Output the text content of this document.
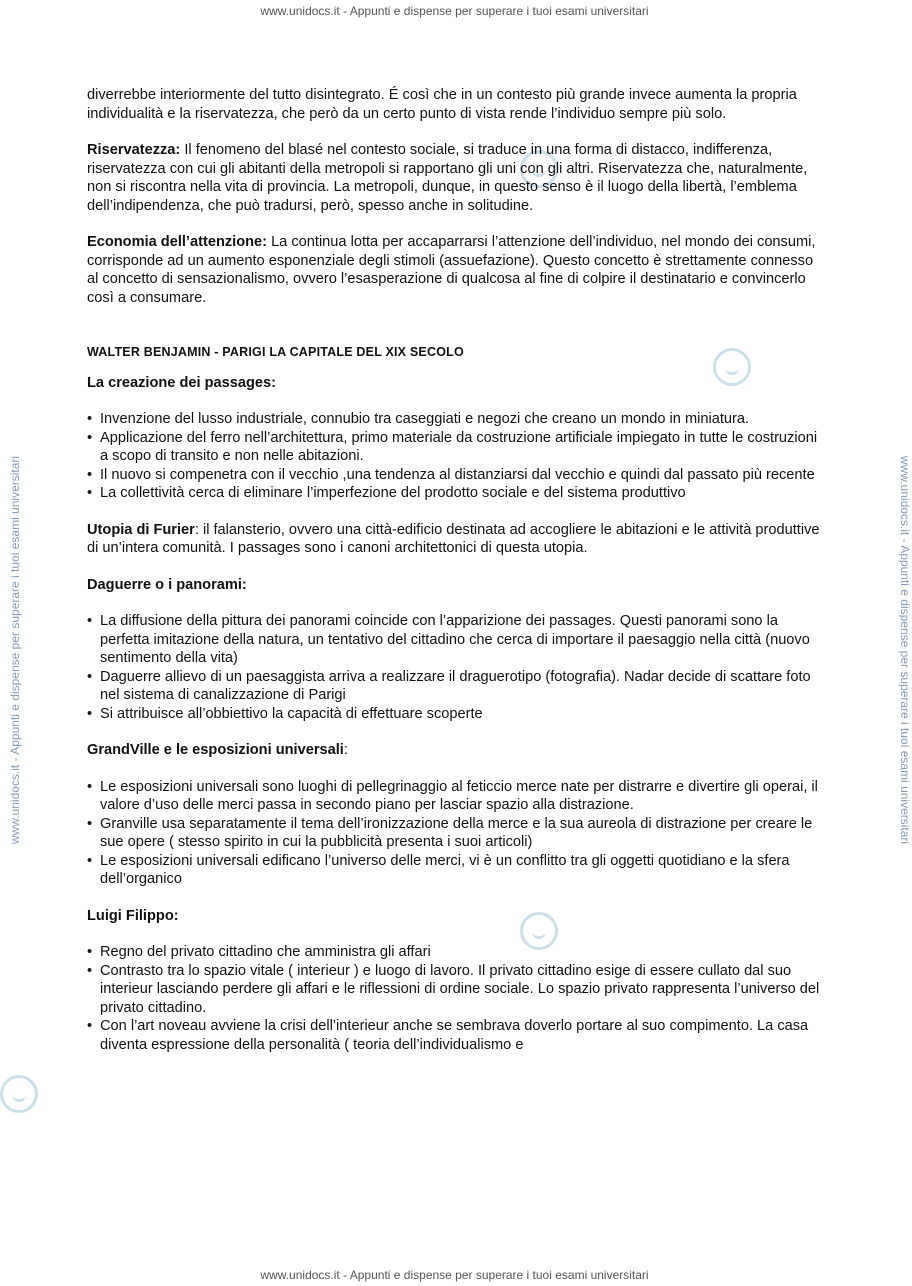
www.unidocs.it - Appunti e dispense per superare i tuoi esami universitari
www.unidocs.it - Appunti e dispense per superare i tuoi esami universitari	www.unidocs.it - Appunti e dispense per superare i tuoi esami universitari

diverrebbe interiormente del tutto disintegrato. É così che in un contesto più grande invece aumenta la propria individualità e la riservatezza, che però da un certo punto di vista rende l’individuo sempre più solo.

Riservatezza: Il fenomeno del blasé nel contesto sociale, si traduce in una forma di distacco, indifferenza, riservatezza con cui gli abitanti della metropoli si rapportano gli uni con gli altri. Riservatezza che, naturalmente, non si riscontra nella vita di provincia. La metropoli, dunque, in questo senso è il luogo della libertà, l’emblema dell’indipendenza, che può tradursi, però, spesso anche in solitudine.

Economia dell’attenzione: La continua lotta per accaparrarsi l’attenzione dell’individuo, nel mondo dei consumi, corrisponde ad un aumento esponenziale degli stimoli (assuefazione). Questo concetto è strettamente connesso al concetto di sensazionalismo, ovvero l’esasperazione di qualcosa al fine di colpire il destinatario e convincerlo così a consumare.

WALTER BENJAMIN - PARIGI LA CAPITALE DEL XIX SECOLO

La creazione dei passages:

• Invenzione del lusso industriale, connubio tra caseggiati e negozi che creano un mondo in miniatura.
• Applicazione del ferro nell’architettura, primo materiale da costruzione artificiale impiegato in tutte le costruzioni a scopo di transito e non nelle abitazioni.
• Il nuovo si compenetra con il vecchio ,una tendenza al distanziarsi dal vecchio e quindi dal passato più recente
• La collettività cerca di eliminare l’imperfezione del prodotto sociale e del sistema produttivo

Utopia di Furier: il falansterio, ovvero una città-edificio destinata ad accogliere le abitazioni e le attività produttive di un’intera comunità. I passages sono i canoni architettonici di questa utopia.

Daguerre o i panorami:

• La diffusione della pittura dei panorami coincide con l’apparizione dei passages. Questi panorami sono la perfetta imitazione della natura, un tentativo del cittadino che cerca di importare il paesaggio nella città (nuovo sentimento della vita)
• Daguerre allievo di un paesaggista arriva a realizzare il draguerotipo (fotografia). Nadar decide di scattare foto nel sistema di canalizzazione di Parigi
• Si attribuisce all’obbiettivo la capacità di effettuare scoperte

GrandVille e le esposizioni universali:

• Le esposizioni universali sono luoghi di pellegrinaggio al feticcio merce nate per distrarre e divertire gli operai, il valore d’uso delle merci passa in secondo piano per lasciar spazio alla distrazione.
• Granville usa separatamente il tema dell’ironizzazione della merce e la sua aureola di distrazione per creare le sue opere ( stesso spirito in cui la pubblicità presenta i suoi articoli)
• Le esposizioni universali edificano l’universo delle merci, vi è un conflitto tra gli oggetti quotidiano e la sfera dell’organico

Luigi Filippo:

• Regno del privato cittadino che amministra gli affari
• Contrasto tra lo spazio vitale ( interieur ) e luogo di lavoro. Il privato cittadino esige di essere cullato dal suo interieur lasciando perdere gli affari e le riflessioni di ordine sociale. Lo spazio privato rappresenta l’universo del privato cittadino.
• Con l’art noveau avviene la crisi dell’interieur anche se sembrava doverlo portare al suo compimento. La casa diventa espressione della personalità ( teoria dell’individualismo e
www.unidocs.it - Appunti e dispense per superare i tuoi esami universitari
